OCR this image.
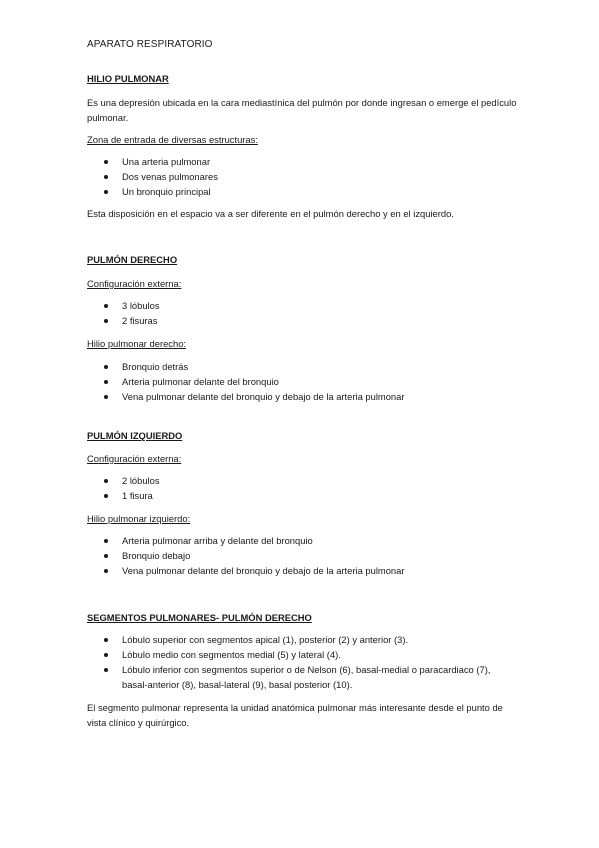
APARATO RESPIRATORIO
HILIO PULMONAR

Es una depresión ubicada en la cara mediastínica del pulmón por donde ingresan o emerge el pedículo pulmonar.

Zona de entrada de diversas estructuras:
Una arteria pulmonar
Dos venas pulmonares
Un bronquio principal

Esta disposición en el espacio va a ser diferente en el pulmón derecho y en el izquierdo.

PULMÓN DERECHO
Configuración externa:
3 lóbulos
2 fisuras
Hilio pulmonar derecho:
Bronquio detrás
Arteria pulmonar delante del bronquio
Vena pulmonar delante del bronquio y debajo de la arteria pulmonar
PULMÓN IZQUIERDO
Configuración externa:
2 lóbulos
1 fisura
Hilio pulmonar izquierdo:
Arteria pulmonar arriba y delante del bronquio
Bronquio debajo
Vena pulmonar delante del bronquio y debajo de la arteria pulmonar
SEGMENTOS PULMONARES- PULMÓN DERECHO
Lóbulo superior con segmentos apical (1), posterior (2) y anterior (3).
Lóbulo medio con segmentos medial (5) y lateral (4).
Lóbulo inferior con segmentos superior o de Nelson (6), basal-medial o paracardiaco (7), basal-anterior (8), basal-lateral (9), basal posterior (10).

El segmento pulmonar representa la unidad anatómica pulmonar más interesante desde el punto de vista clínico y quirúrgico.
